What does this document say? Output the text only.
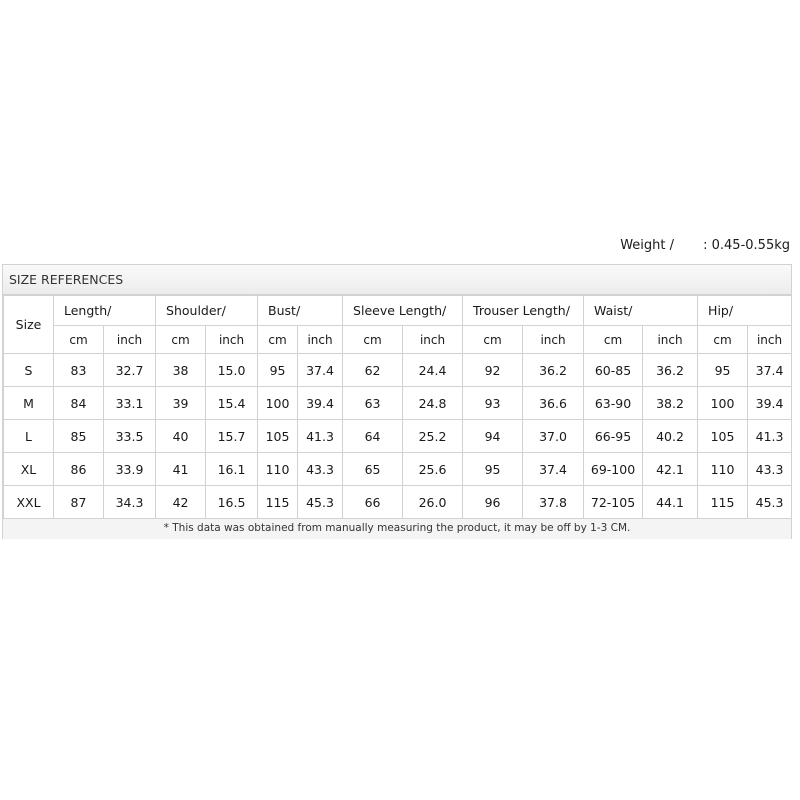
Weight / : 0.45-0.55kg
SIZE REFERENCES
Size	Length/		Shoulder/		Bust/		Sleeve Length/		Trouser Length/		Waist/		Hip/	
	cm	inch	cm	inch	cm	inch	cm	inch	cm	inch	cm	inch	cm	inch
S	83	32.7	38	15.0	95	37.4	62	24.4	92	36.2	60-85	36.2	95	37.4
M	84	33.1	39	15.4	100	39.4	63	24.8	93	36.6	63-90	38.2	100	39.4
L	85	33.5	40	15.7	105	41.3	64	25.2	94	37.0	66-95	40.2	105	41.3
XL	86	33.9	41	16.1	110	43.3	65	25.6	95	37.4	69-100	42.1	110	43.3
XXL	87	34.3	42	16.5	115	45.3	66	26.0	96	37.8	72-105	44.1	115	45.3
* This data was obtained from manually measuring the product, it may be off by 1-3 CM.
